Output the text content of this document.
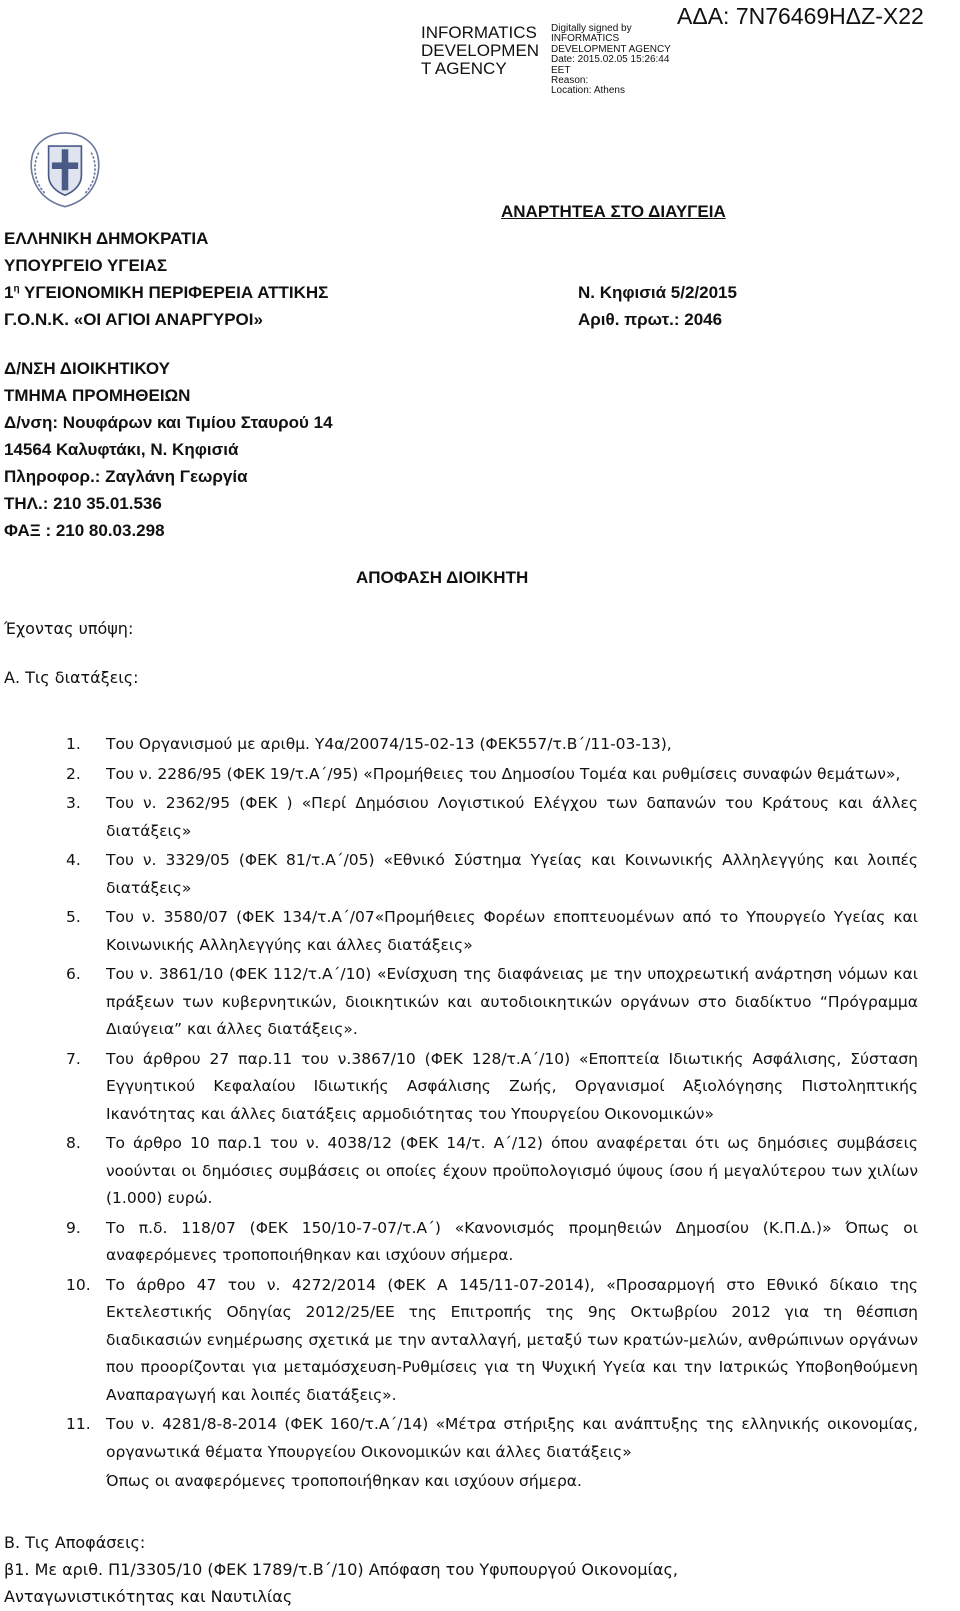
INFORMATICS
DEVELOPMEN
T AGENCY
Digitally signed by
INFORMATICS
DEVELOPMENT AGENCY
Date: 2015.02.05 15:26:44
EET
Reason:
Location: Athens
ΑΔΑ: 7Ν76469ΗΔΖ-Χ22
ΑΝΑΡΤΗΤΕΑ ΣΤΟ ΔΙΑΥΓΕΙΑ
ΕΛΛΗΝΙΚΗ ΔΗΜΟΚΡΑΤΙΑ
ΥΠΟΥΡΓΕΙΟ ΥΓΕΙΑΣ
$1^\eta$ ΥΓΕΙΟΝΟΜΙΚΗ ΠΕΡΙΦΕΡΕΙΑ ΑΤΤΙΚΗΣ
Γ.Ο.Ν.Κ. «ΟΙ ΑΓΙΟΙ ΑΝΑΡΓΥΡΟΙ»
Ν. Κηφισιά 5/2/2015
Αριθ. πρωτ.: 2046
Δ/ΝΣΗ ΔΙΟΙΚΗΤΙΚΟΥ
ΤΜΗΜΑ ΠΡΟΜΗΘΕΙΩΝ
Δ/νση: Νουφάρων και Τιμίου Σταυρού 14
14564 Καλυφτάκι, Ν. Κηφισιά
Πληροφορ.: Ζαγλάνη Γεωργία
ΤΗΛ.: 210 35.01.536
ΦΑΞ : 210 80.03.298
ΑΠΟΦΑΣΗ ΔΙΟΙΚΗΤΗ
Έχοντας υπόψη:
Α. Τις διατάξεις:
1.	Του Οργανισμού με αριθμ. Υ4α/20074/15-02-13 (ΦΕΚ557/τ.Β΄/11-03-13),
2.	Του ν. 2286/95 (ΦΕΚ 19/τ.Α΄/95) «Προμήθειες του Δημοσίου Τομέα και ρυθμίσεις συναφών θεμάτων»,
3.	Του ν. 2362/95 (ΦΕΚ ) «Περί Δημόσιου Λογιστικού Ελέγχου των δαπανών του Κράτους και άλλες διατάξεις»
4.	Του ν. 3329/05 (ΦΕΚ 81/τ.Α΄/05) «Εθνικό Σύστημα Υγείας και Κοινωνικής Αλληλεγγύης και λοιπές διατάξεις»
5.	Του ν. 3580/07 (ΦΕΚ 134/τ.Α΄/07«Προμήθειες Φορέων εποπτευομένων από το Υπουργείο Υγείας και Κοινωνικής Αλληλεγγύης και άλλες διατάξεις»
6.	Του ν. 3861/10 (ΦΕΚ 112/τ.Α΄/10) «Ενίσχυση της διαφάνειας με την υποχρεωτική ανάρτηση νόμων και πράξεων των κυβερνητικών, διοικητικών και αυτοδιοικητικών οργάνων στο διαδίκτυο “Πρόγραμμα Διαύγεια” και άλλες διατάξεις».
7.	Του άρθρου 27 παρ.11 του ν.3867/10 (ΦΕΚ 128/τ.Α΄/10) «Εποπτεία Ιδιωτικής Ασφάλισης, Σύσταση Εγγυητικού Κεφαλαίου Ιδιωτικής Ασφάλισης Ζωής, Οργανισμοί Αξιολόγησης Πιστοληπτικής Ικανότητας και άλλες διατάξεις αρμοδιότητας του Υπουργείου Οικονομικών»
8.	Το άρθρο 10 παρ.1 του ν. 4038/12 (ΦΕΚ 14/τ. Α΄/12) όπου αναφέρεται ότι ως δημόσιες συμβάσεις νοούνται οι δημόσιες συμβάσεις οι οποίες έχουν προϋπολογισμό ύψους ίσου ή μεγαλύτερου των χιλίων (1.000) ευρώ.
9.	Το π.δ. 118/07 (ΦΕΚ 150/10-7-07/τ.Α΄) «Κανονισμός προμηθειών Δημοσίου (Κ.Π.Δ.)» Όπως οι αναφερόμενες τροποποιήθηκαν και ισχύουν σήμερα.
10. Το άρθρο 47 του ν. 4272/2014 (ΦΕΚ Α 145/11-07-2014), «Προσαρμογή στο Εθνικό δίκαιο της Εκτελεστικής Οδηγίας 2012/25/ΕΕ της Επιτροπής της 9ης Οκτωβρίου 2012 για τη θέσπιση διαδικασιών ενημέρωσης σχετικά με την ανταλλαγή, μεταξύ των κρατών-μελών, ανθρώπινων οργάνων που προορίζονται για μεταμόσχευση-Ρυθμίσεις για τη Ψυχική Υγεία και την Ιατρικώς Υποβοηθούμενη Αναπαραγωγή και λοιπές διατάξεις».
11. Του ν. 4281/8-8-2014 (ΦΕΚ 160/τ.Α΄/14) «Μέτρα στήριξης και ανάπτυξης της ελληνικής οικονομίας, οργανωτικά θέματα Υπουργείου Οικονομικών και άλλες διατάξεις»
Όπως οι αναφερόμενες τροποποιήθηκαν και ισχύουν σήμερα.
Β. Τις Αποφάσεις:
β1. Με αριθ. Π1/3305/10 (ΦΕΚ 1789/τ.Β΄/10) Απόφαση του Υφυπουργού Οικονομίας,
Ανταγωνιστικότητας και Ναυτιλίας
